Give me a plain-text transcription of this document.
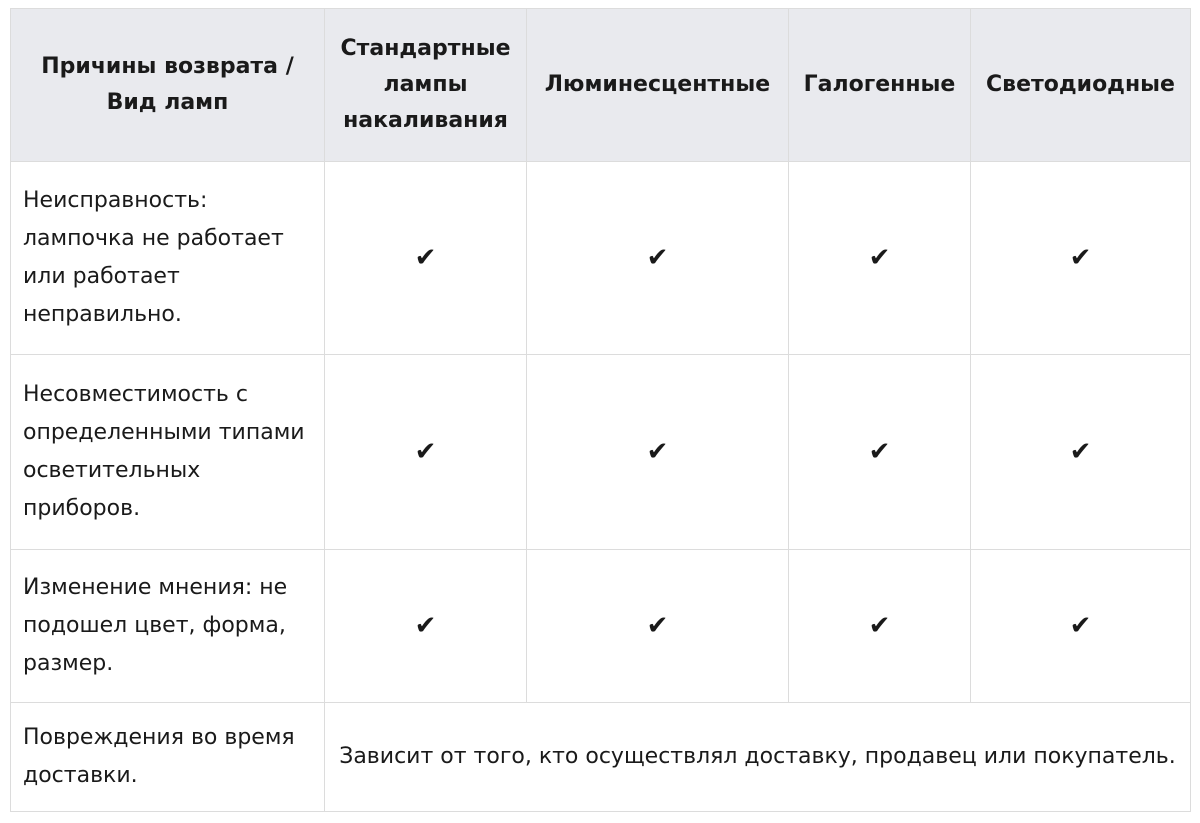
Причины возврата / Вид ламп	Стандартные лампы накаливания	Люминесцентные	Галогенные	Светодиодные
Неисправность: лампочка не работает или работает неправильно.	✔	✔	✔	✔
Несовместимость с определенными типами осветительных приборов.	✔	✔	✔	✔
Изменение мнения: не подошел цвет, форма, размер.	✔	✔	✔	✔
Повреждения во время доставки.	Зависит от того, кто осуществлял доставку, продавец или покупатель.			
